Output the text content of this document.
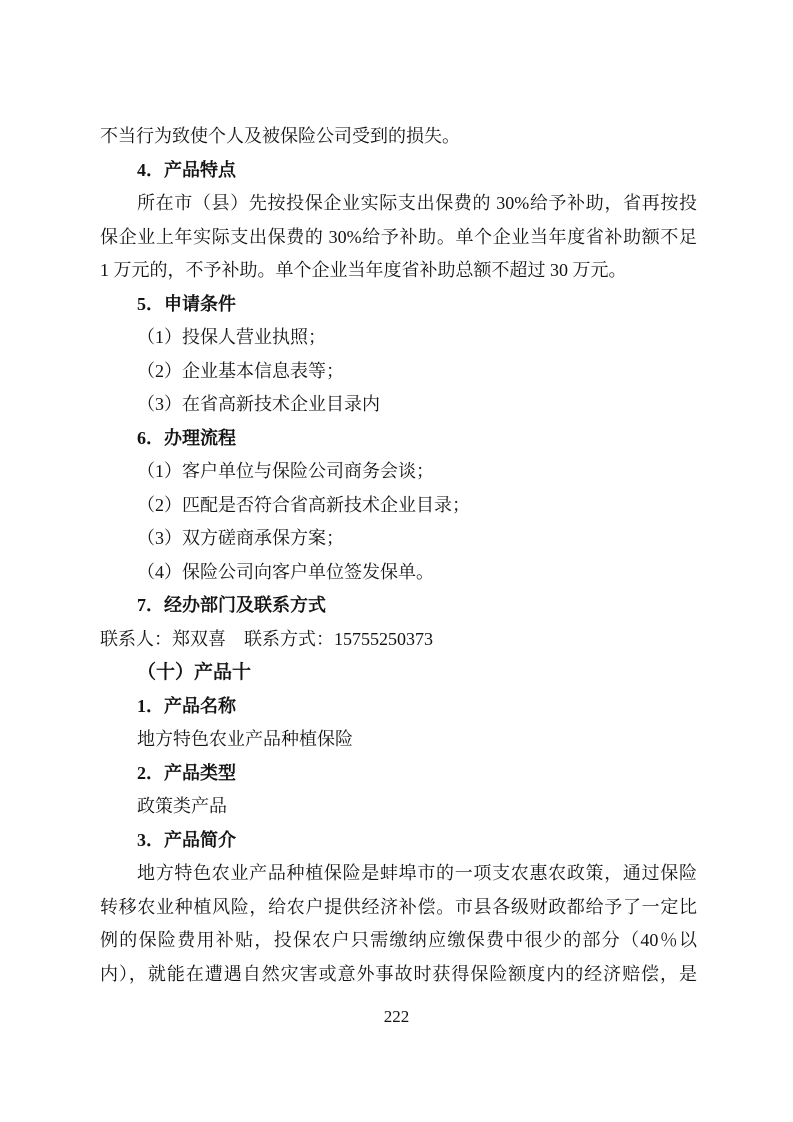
不当行为致使个人及被保险公司受到的损失。
4．产品特点
所在市（县）先按投保企业实际支出保费的 30%给予补助，省再按投
保企业上年实际支出保费的 30%给予补助。单个企业当年度省补助额不足
1 万元的，不予补助。单个企业当年度省补助总额不超过 30 万元。
5．申请条件
（1）投保人营业执照；
（2）企业基本信息表等；
（3）在省高新技术企业目录内
6．办理流程
（1）客户单位与保险公司商务会谈；
（2）匹配是否符合省高新技术企业目录；
（3）双方磋商承保方案；
（4）保险公司向客户单位签发保单。
7．经办部门及联系方式
联系人：郑双喜　联系方式：15755250373
（十）产品十
1．产品名称
地方特色农业产品种植保险
2．产品类型
政策类产品
3．产品简介
地方特色农业产品种植保险是蚌埠市的一项支农惠农政策，通过保险
转移农业种植风险，给农户提供经济补偿。市县各级财政都给予了一定比
例的保险费用补贴，投保农户只需缴纳应缴保费中很少的部分（40％以
内），就能在遭遇自然灾害或意外事故时获得保险额度内的经济赔偿，是
222
